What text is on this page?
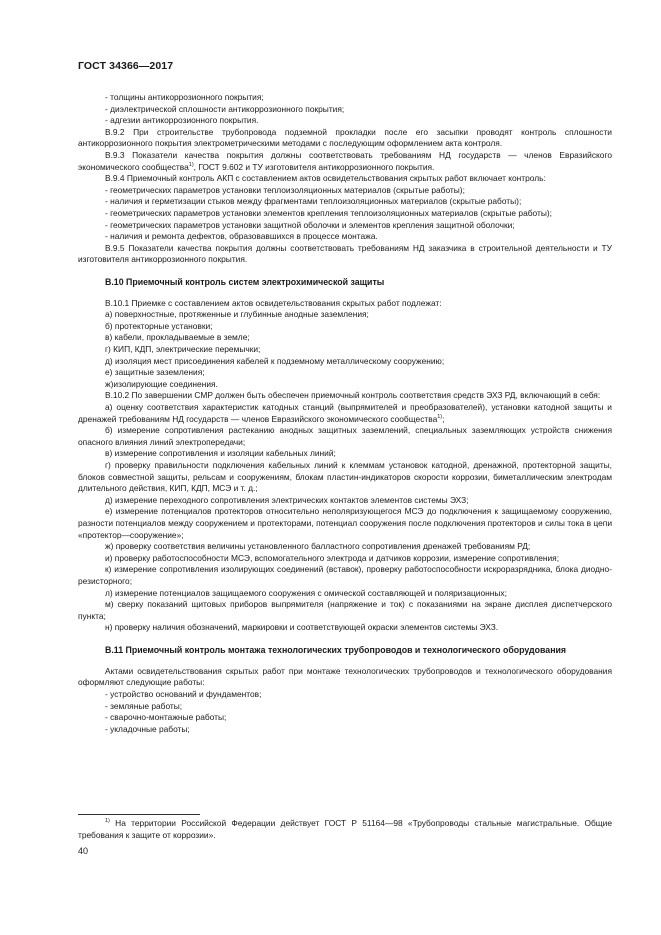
ГОСТ 34366—2017
- толщины антикоррозионного покрытия;
- диэлектрической сплошности антикоррозионного покрытия;
- адгезии антикоррозионного покрытия.
В.9.2 При строительстве трубопровода подземной прокладки после его засыпки проводят контроль сплошности антикоррозионного покрытия электрометрическими методами с последующим оформлением акта контроля.
В.9.3 Показатели качества покрытия должны соответствовать требованиям НД государств — членов Евразийского экономического сообщества$^{1)}$, ГОСТ 9.602 и ТУ изготовителя антикоррозионного покрытия.
В.9.4 Приемочный контроль АКП с составлением актов освидетельствования скрытых работ включает контроль:
- геометрических параметров установки теплоизоляционных материалов (скрытые работы);
- наличия и герметизации стыков между фрагментами теплоизоляционных материалов (скрытые работы);
- геометрических параметров установки элементов крепления теплоизоляционных материалов (скрытые работы);
- геометрических параметров установки защитной оболочки и элементов крепления защитной оболочки;
- наличия и ремонта дефектов, образовавшихся в процессе монтажа.
В.9.5 Показатели качества покрытия должны соответствовать требованиям НД заказчика в строительной деятельности и ТУ изготовителя антикоррозионного покрытия.
В.10 Приемочный контроль систем электрохимической защиты
В.10.1 Приемке с составлением актов освидетельствования скрытых работ подлежат:
а) поверхностные, протяженные и глубинные анодные заземления;
б) протекторные установки;
в) кабели, прокладываемые в земле;
г) КИП, КДП, электрические перемычки;
д) изоляция мест присоединения кабелей к подземному металлическому сооружению;
е) защитные заземления;
ж)изолирующие соединения.
В.10.2 По завершении СМР должен быть обеспечен приемочный контроль соответствия средств ЭХЗ РД, включающий в себя:
а) оценку соответствия характеристик катодных станций (выпрямителей и преобразователей), установки катодной защиты и дренажей требованиям НД государств — членов Евразийского экономического сообщества$^{1)}$;
б) измерение сопротивления растеканию анодных защитных заземлений, специальных заземляющих устройств снижения опасного влияния линий электропередачи;
в) измерение сопротивления и изоляции кабельных линий;
г) проверку правильности подключения кабельных линий к клеммам установок катодной, дренажной, протекторной защиты, блоков совместной защиты, рельсам и сооружениям, блокам пластин-индикаторов скорости коррозии, биметаллическим электродам длительного действия, КИП, КДП, МСЭ и т. д.;
д) измерение переходного сопротивления электрических контактов элементов системы ЭХЗ;
е) измерение потенциалов протекторов относительно неполяризующегося МСЭ до подключения к защищаемому сооружению, разности потенциалов между сооружением и протекторами, потенциал сооружения после подключения протекторов и силы тока в цепи «протектор—сооружение»;
ж) проверку соответствия величины установленного балластного сопротивления дренажей требованиям РД;
и) проверку работоспособности МСЭ, вспомогательного электрода и датчиков коррозии, измерение сопротивления;
к) измерение сопротивления изолирующих соединений (вставок), проверку работоспособности искроразрядника, блока диодно-резисторного;
л) измерение потенциалов защищаемого сооружения с омической составляющей и поляризационных;
м) сверку показаний щитовых приборов выпрямителя (напряжение и ток) с показаниями на экране дисплея диспетчерского пункта;
н) проверку наличия обозначений, маркировки и соответствующей окраски элементов системы ЭХЗ.
В.11 Приемочный контроль монтажа технологических трубопроводов и технологического оборудования
Актами освидетельствования скрытых работ при монтаже технологических трубопроводов и технологического оборудования оформляют следующие работы:
- устройство оснований и фундаментов;
- земляные работы;
- сварочно-монтажные работы;
- укладочные работы;
$^{1)}$ На территории Российской Федерации действует ГОСТ Р 51164—98 «Трубопроводы стальные магистральные. Общие требования к защите от коррозии».
40
